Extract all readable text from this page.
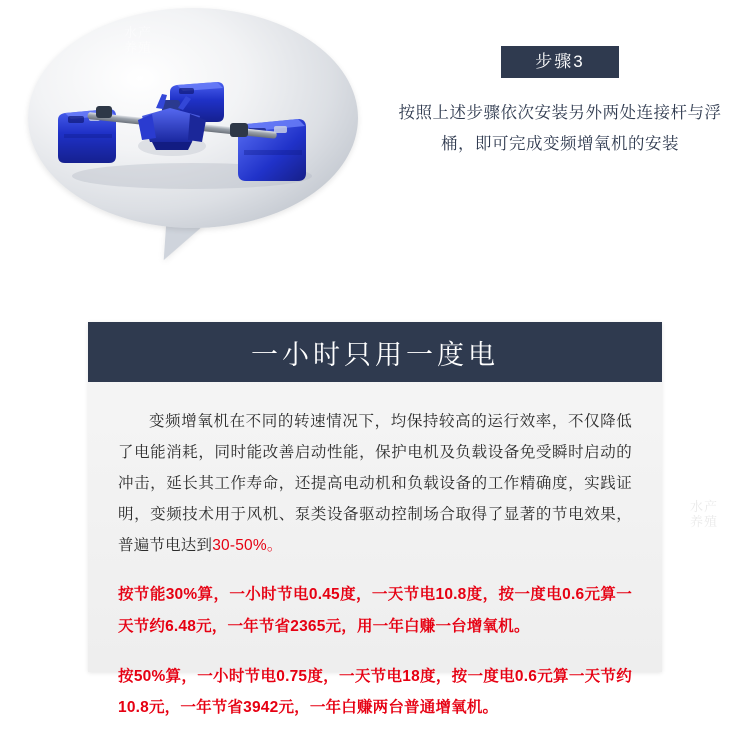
水产
养殖
步骤3
按照上述步骤依次安装另外两处连接杆与浮桶，即可完成变频增氧机的安装
一小时只用一度电

变频增氧机在不同的转速情况下，均保持较高的运行效率，不仅降低了电能消耗，同时能改善启动性能，保护电机及负载设备免受瞬时启动的冲击，延长其工作寿命，还提高电动机和负载设备的工作精确度，实践证明，变频技术用于风机、泵类设备驱动控制场合取得了显著的节电效果，普遍节电达到30-50%。

按节能30%算，一小时节电0.45度，一天节电10.8度，按一度电0.6元算一天节约6.48元，一年节省2365元，用一年白赚一台增氧机。

按50%算，一小时节电0.75度，一天节电18度，按一度电0.6元算一天节约10.8元，一年节省3942元，一年白赚两台普通增氧机。

水产
养殖
